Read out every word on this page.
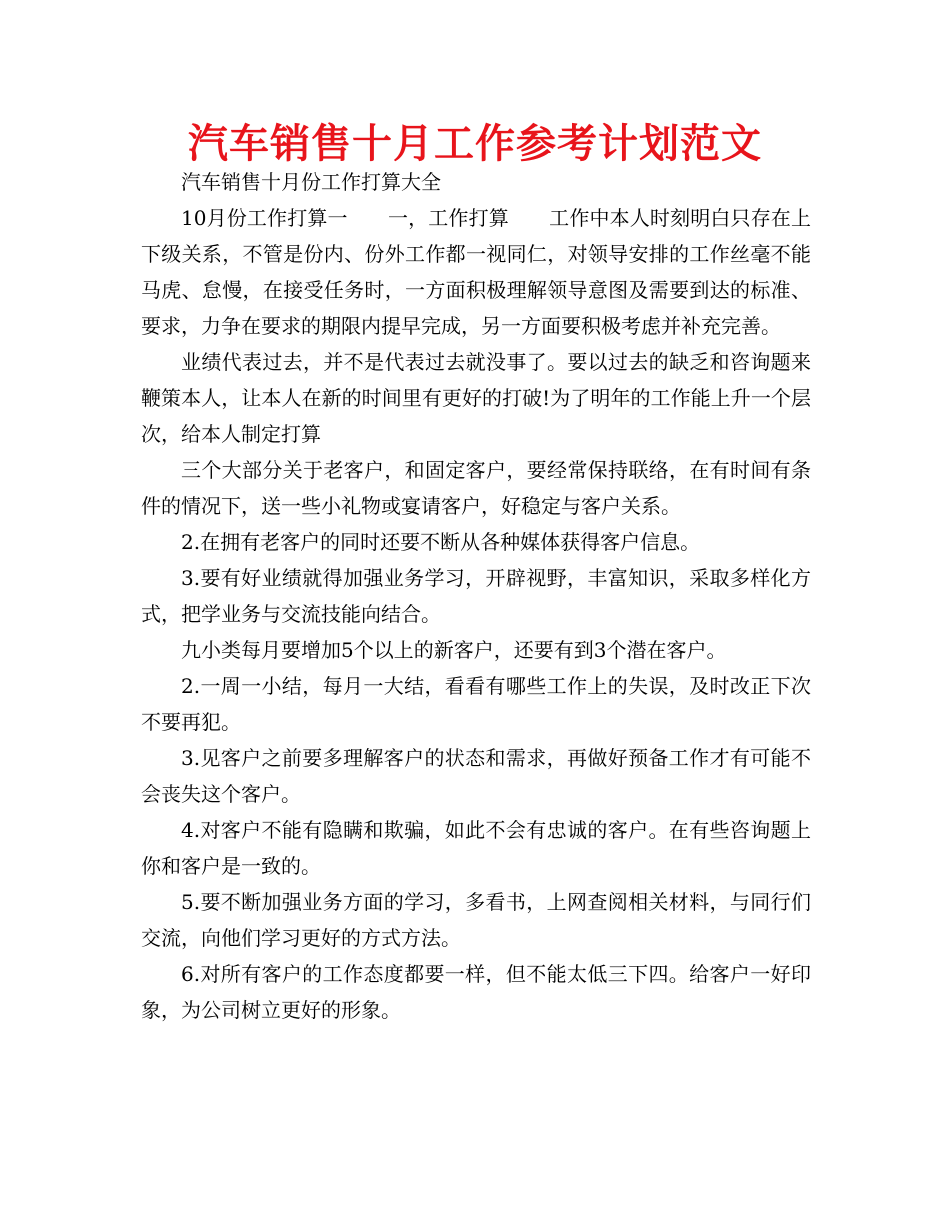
汽车销售十月工作参考计划范文

汽车销售十月份工作打算大全

10月份工作打算一　　一，工作打算　　工作中本人时刻明白只存在上下级关系，不管是份内、份外工作都一视同仁，对领导安排的工作丝毫不能马虎、怠慢，在接受任务时，一方面积极理解领导意图及需要到达的标准、要求，力争在要求的期限内提早完成，另一方面要积极考虑并补充完善。

业绩代表过去，并不是代表过去就没事了。要以过去的缺乏和咨询题来鞭策本人，让本人在新的时间里有更好的打破!为了明年的工作能上升一个层次，给本人制定打算

三个大部分关于老客户，和固定客户，要经常保持联络，在有时间有条件的情况下，送一些小礼物或宴请客户，好稳定与客户关系。

2.在拥有老客户的同时还要不断从各种媒体获得客户信息。

3.要有好业绩就得加强业务学习，开辟视野，丰富知识，采取多样化方式，把学业务与交流技能向结合。

九小类每月要增加5个以上的新客户，还要有到3个潜在客户。

2.一周一小结，每月一大结，看看有哪些工作上的失误，及时改正下次不要再犯。

3.见客户之前要多理解客户的状态和需求，再做好预备工作才有可能不会丧失这个客户。

4.对客户不能有隐瞒和欺骗，如此不会有忠诚的客户。在有些咨询题上你和客户是一致的。

5.要不断加强业务方面的学习，多看书，上网查阅相关材料，与同行们交流，向他们学习更好的方式方法。

6.对所有客户的工作态度都要一样，但不能太低三下四。给客户一好印象，为公司树立更好的形象。
